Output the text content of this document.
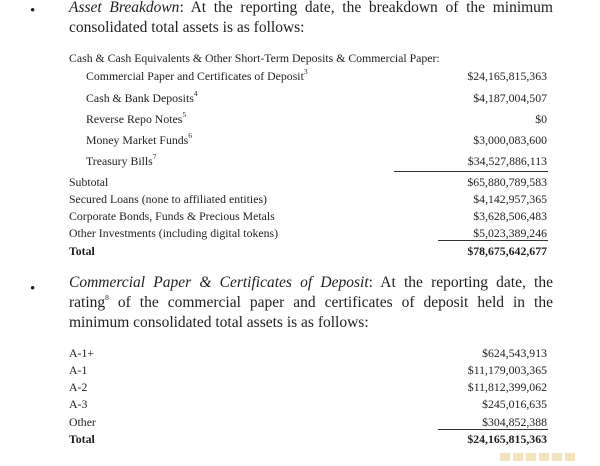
• Asset Breakdown: At the reporting date, the breakdown of the minimum consolidated total assets is as follows:
Cash & Cash Equivalents & Other Short-Term Deposits & Commercial Paper:
Commercial Paper and Certificates of Deposit$^3$	$24,165,815,363
Cash & Bank Deposits$^4$	$4,187,004,507
Reverse Repo Notes$^5$	$0
Money Market Funds$^6$	$3,000,083,600
Treasury Bills$^7$	$34,527,886,113
Subtotal	$65,880,789,583
Secured Loans (none to affiliated entities)	$4,142,957,365
Corporate Bonds, Funds & Precious Metals	$3,628,506,483
Other Investments (including digital tokens)	$5,023,389,246
Total	$78,675,642,677
• Commercial Paper & Certificates of Deposit: At the reporting date, the rating$^8$ of the commercial paper and certificates of deposit held in the minimum consolidated total assets is as follows:
A-1+	$624,543,913
A-1	$11,179,003,365
A-2	$11,812,399,062
A-3	$245,016,635
Other	$304,852,388
Total	$24,165,815,363
